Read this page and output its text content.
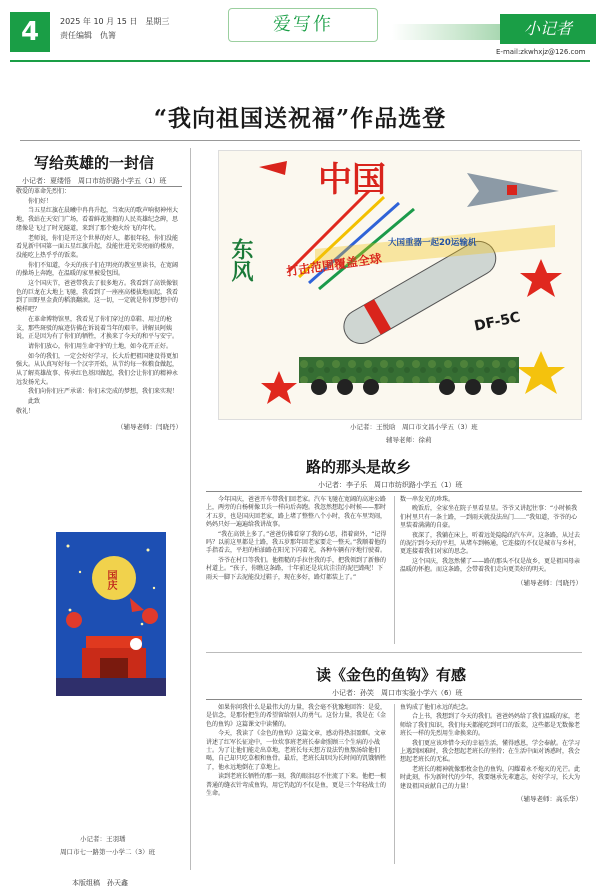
4	2025 年 10 月 15 日　星期三
责任编辑　仇箐
爱写作	小记者
E-mail:zkwhxjz@126.com
“我向祖国送祝福”作品选登
写给英雄的一封信
小记者：夏缕悟　周口市纺织路小学五（1）班

敬爱的革命先烈们：

你们好！

当五星红旗在晨曦中冉冉升起，当欢庆的歌声响彻神州大地，我站在天安门广场，看着鲜花簇拥的人民英雄纪念碑，思绪像是飞过了时光隧道，来到了那个炮火纷飞的年代。

老师说，你们是开这个世界的好人，都很年轻，你们没能看见新中国第一面五星红旗升起，没能住进光荣亮丽的楼房，没能吃上热乎乎的饭菜。

你们不知道，今天的孩子们在明亮的教室里读书，在宽阔的操场上奔跑，在温暖的家里被爱包围。

这个国庆节，爸爸带我去了很多地方。我看到了高铁像银色的巨龙在大地上飞驰，我看到了一座座高楼拔地而起，我看到了田野里金黄的稻浪翻滚。这一切，一定就是你们梦想中的模样吧？

在革命博物馆里，我看见了你们穿过的草鞋、用过的枪支，那些斑驳的痕迹仿佛在诉说着当年的艰辛。讲解员阿姨说，正是因为有了你们的牺牲，才换来了今天的和平与安宁。

请你们放心，你们用生命守护的土地，如今花开正好。

如今的我们，一定会好好学习，长大后把祖国建设得更加强大。从认真写好每一个汉字开始，从节约每一粒粮食做起，从了解英雄故事、传承红色基因做起，我们会让你们的精神永远发扬光大。

我们向你们庄严承诺：你们未完成的梦想，我们来实现！

此致

敬礼！

（辅导老师：闫晓丹）

国庆
小记者：王羽璠
周口市七一路第一小学二（3）班
本版组稿　孙天鑫
中国
东风
DF-5C
打击范围覆盖全球
大国重器一起20运输机
小记者：王悦晗　周口市文昌小学五（3）班
辅导老师：徐莉
路的那头是故乡
小记者：李子乐　周口市纺织路小学五（1）班

今年国庆，爸爸开车带我们回老家。汽车飞驰在宽阔的高速公路上，两旁的白杨树像卫兵一样向后奔跑。我忽然想起小时候——那时才五岁，也是国庆回老家，路上堵了整整八个小时，我在车里哭闹，妈妈只好一遍遍给我讲故事。

“我在高铁上多了。”爸爸仿佛看穿了我的心思，指着窗外，“记得吗？以前这里都是土路，我五岁那年回老家要走一整天。”我顺着他的手指看去，平坦的柏油路在阳光下闪着光，各种车辆有序地行驶着。

爷爷在村口等我们。他粗糙的手拉住我的手，把我领到了新修的村道上。“孩子，你瞧这条路，十年前还是坑坑洼洼的泥巴路呢！下雨天一脚下去泥能没过鞋子，现在多好，路灯都装上了。”

数一串发光的珍珠。

晚饭后，全家坐在院子里看星星。爷爷又讲起往事：“小时候我们村里只有一条土路，一到雨天就没法出门……”我知道，爷爷的心里装着满满的自豪。

夜深了，我躺在床上，听着远处隐隐的汽车声。这条路，从过去的泥泞到今天的平坦，从堵车到畅通，它连接的不仅是城市与乡村，更连接着我们对家的思念。

这个国庆，我忽然懂了——路的那头不仅是故乡，更是祖国母亲温暖的怀抱。而这条路，会带着我们走向更美好的明天。

（辅导老师：闫晓丹）

读《金色的鱼钩》有感
小记者：孙笑　周口市实验小学六（6）班

如果你问我什么是最伟大的力量，我会毫不犹豫地回答：是爱，是信念，是那份把生的希望留给别人的勇气。这份力量，我是在《金色的鱼钩》这篇课文中读懂的。

今天，我读了《金色的鱼钩》这篇文章，感动得热泪盈眶。文章讲述了红军长征途中，一位炊事班老班长奉命照顾三个生病的小战士。为了让他们能走出草地，老班长每天想方设法钓鱼熬汤给他们喝，自己却只吃草根和鱼骨。最后，老班长却因为长时间的饥饿牺牲了，他永远地倒在了草地上。

读到老班长牺牲的那一刻，我的眼泪忍不住流了下来。他把一根普通的缝衣针弯成鱼钩，用它钓起的不仅是鱼，更是三个年轻战士的生命。

鱼钩成了他们永远的纪念。

合上书，我想到了今天的我们。爸爸妈妈给了我们温暖的家，老师给了我们知识，我们每天都能吃到可口的饭菜，这些都是无数像老班长一样的先烈用生命换来的。

我们更应该珍惜今天的幸福生活，懂得感恩，学会奉献。在学习上遇到困难时，我会想起老班长的坚持；在生活中面对诱惑时，我会想起老班长的无私。

老班长的精神就像那枚金色的鱼钩，闪耀着永不熄灭的光芒。此时此刻，作为新时代的少年，我要继承先辈遗志，好好学习，长大为建设祖国贡献自己的力量！

（辅导老师：高乐华）
